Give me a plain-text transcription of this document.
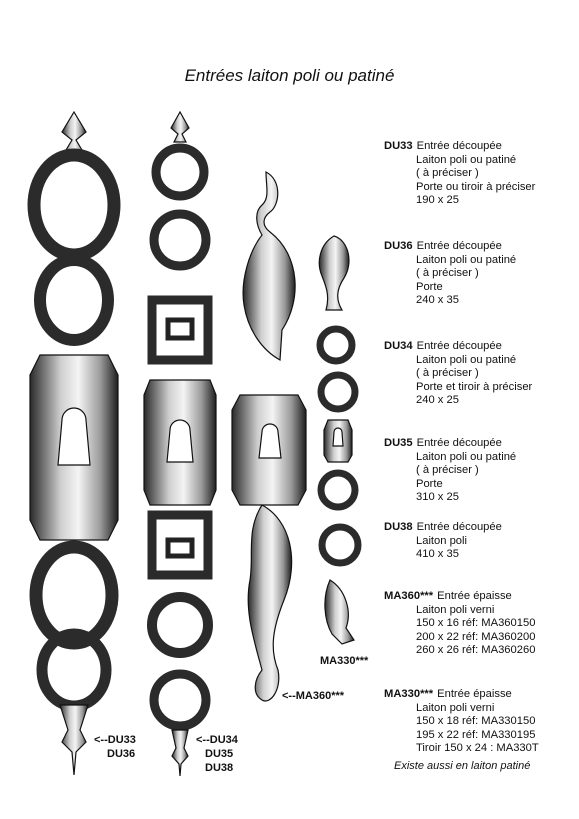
Entrées laiton poli ou patiné
DU33 Entrée découpée
Laiton poli ou patiné
( à préciser )
Porte ou tiroir à préciser
190 x 25
DU36 Entrée découpée
Laiton poli ou patiné
( à préciser )
Porte
240 x 35
DU34 Entrée découpée
Laiton poli ou patiné
( à préciser )
Porte et tiroir à préciser
240 x 25
DU35 Entrée découpée
Laiton poli ou patiné
( à préciser )
Porte
310 x 25
DU38 Entrée découpée
Laiton poli
410 x 35
MA360*** Entrée épaisse
Laiton poli verni
150 x 16 réf: MA360150
200 x 22 réf: MA360200
260 x 26 réf: MA360260
MA330*** Entrée épaisse
Laiton poli verni
150 x 18 réf: MA330150
195 x 22 réf: MA330195
Tiroir 150 x 24 : MA330T
Existe aussi en laiton patiné
<--DU33
DU36
<--DU34
DU35
DU38
<--MA360***
MA330***
